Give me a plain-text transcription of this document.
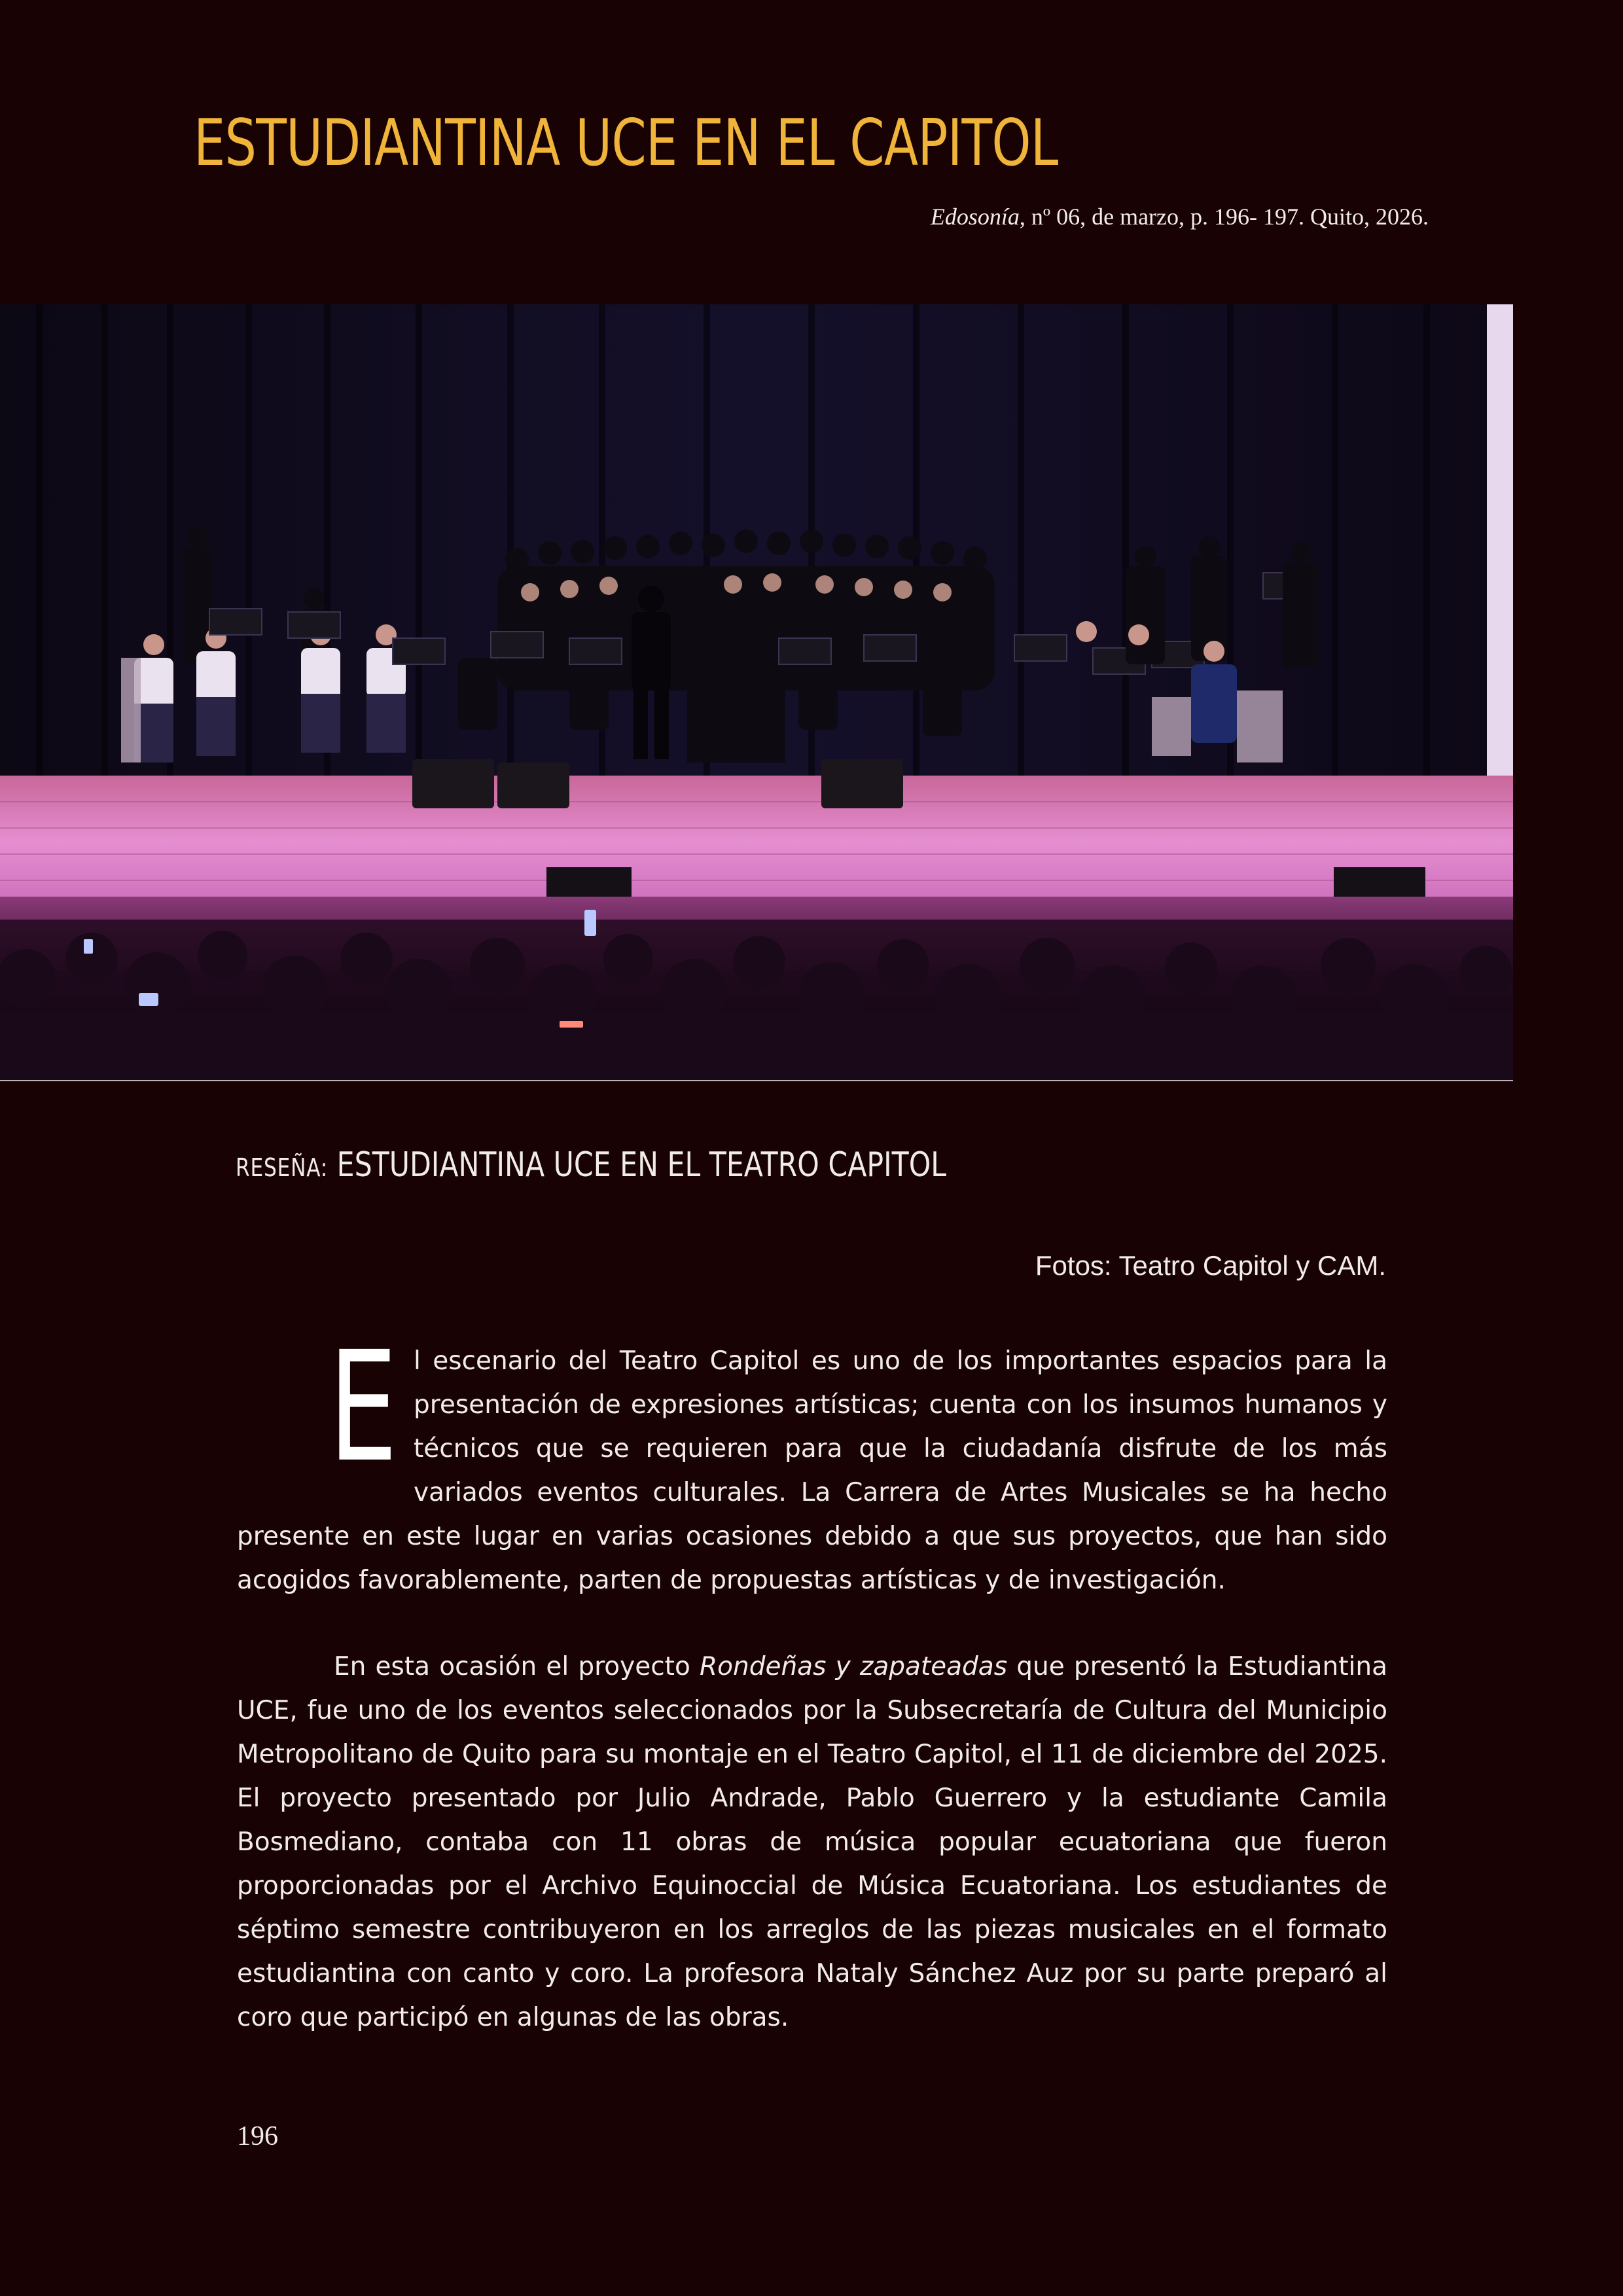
ESTUDIANTINA UCE EN EL CAPITOL
Edosonía, nº 06, de marzo, p. 196- 197. Quito, 2026.
RESEÑA: ESTUDIANTINA UCE EN EL TEATRO CAPITOL
Fotos: Teatro Capitol y CAM.
El escenario del Teatro Capitol es uno de los importantes espacios para la presentación de expresiones artísticas; cuenta con los insumos humanos y técnicos que se requieren para que la ciudadanía disfrute de los más variados eventos culturales. La Carrera de Artes Musicales se ha hecho presente en este lugar en varias ocasiones debido a que sus proyectos, que han sido acogidos favorablemente, parten de propuestas artísticas y de investigación.
En esta ocasión el proyecto Rondeñas y zapateadas que presentó la Estudiantina UCE, fue uno de los eventos seleccionados por la Subsecretaría de Cultura del Municipio Metropolitano de Quito para su montaje en el Teatro Capitol, el 11 de diciembre del 2025. El proyecto presentado por Julio Andrade, Pablo Guerrero y la estudiante Camila Bosmediano, contaba con 11 obras de música popular ecuatoriana que fueron proporcionadas por el Archivo Equinoccial de Música Ecuatoriana. Los estudiantes de séptimo semestre contribuyeron en los arreglos de las piezas musicales en el formato estudiantina con canto y coro. La profesora Nataly Sánchez Auz por su parte preparó al coro que participó en algunas de las obras.
196
